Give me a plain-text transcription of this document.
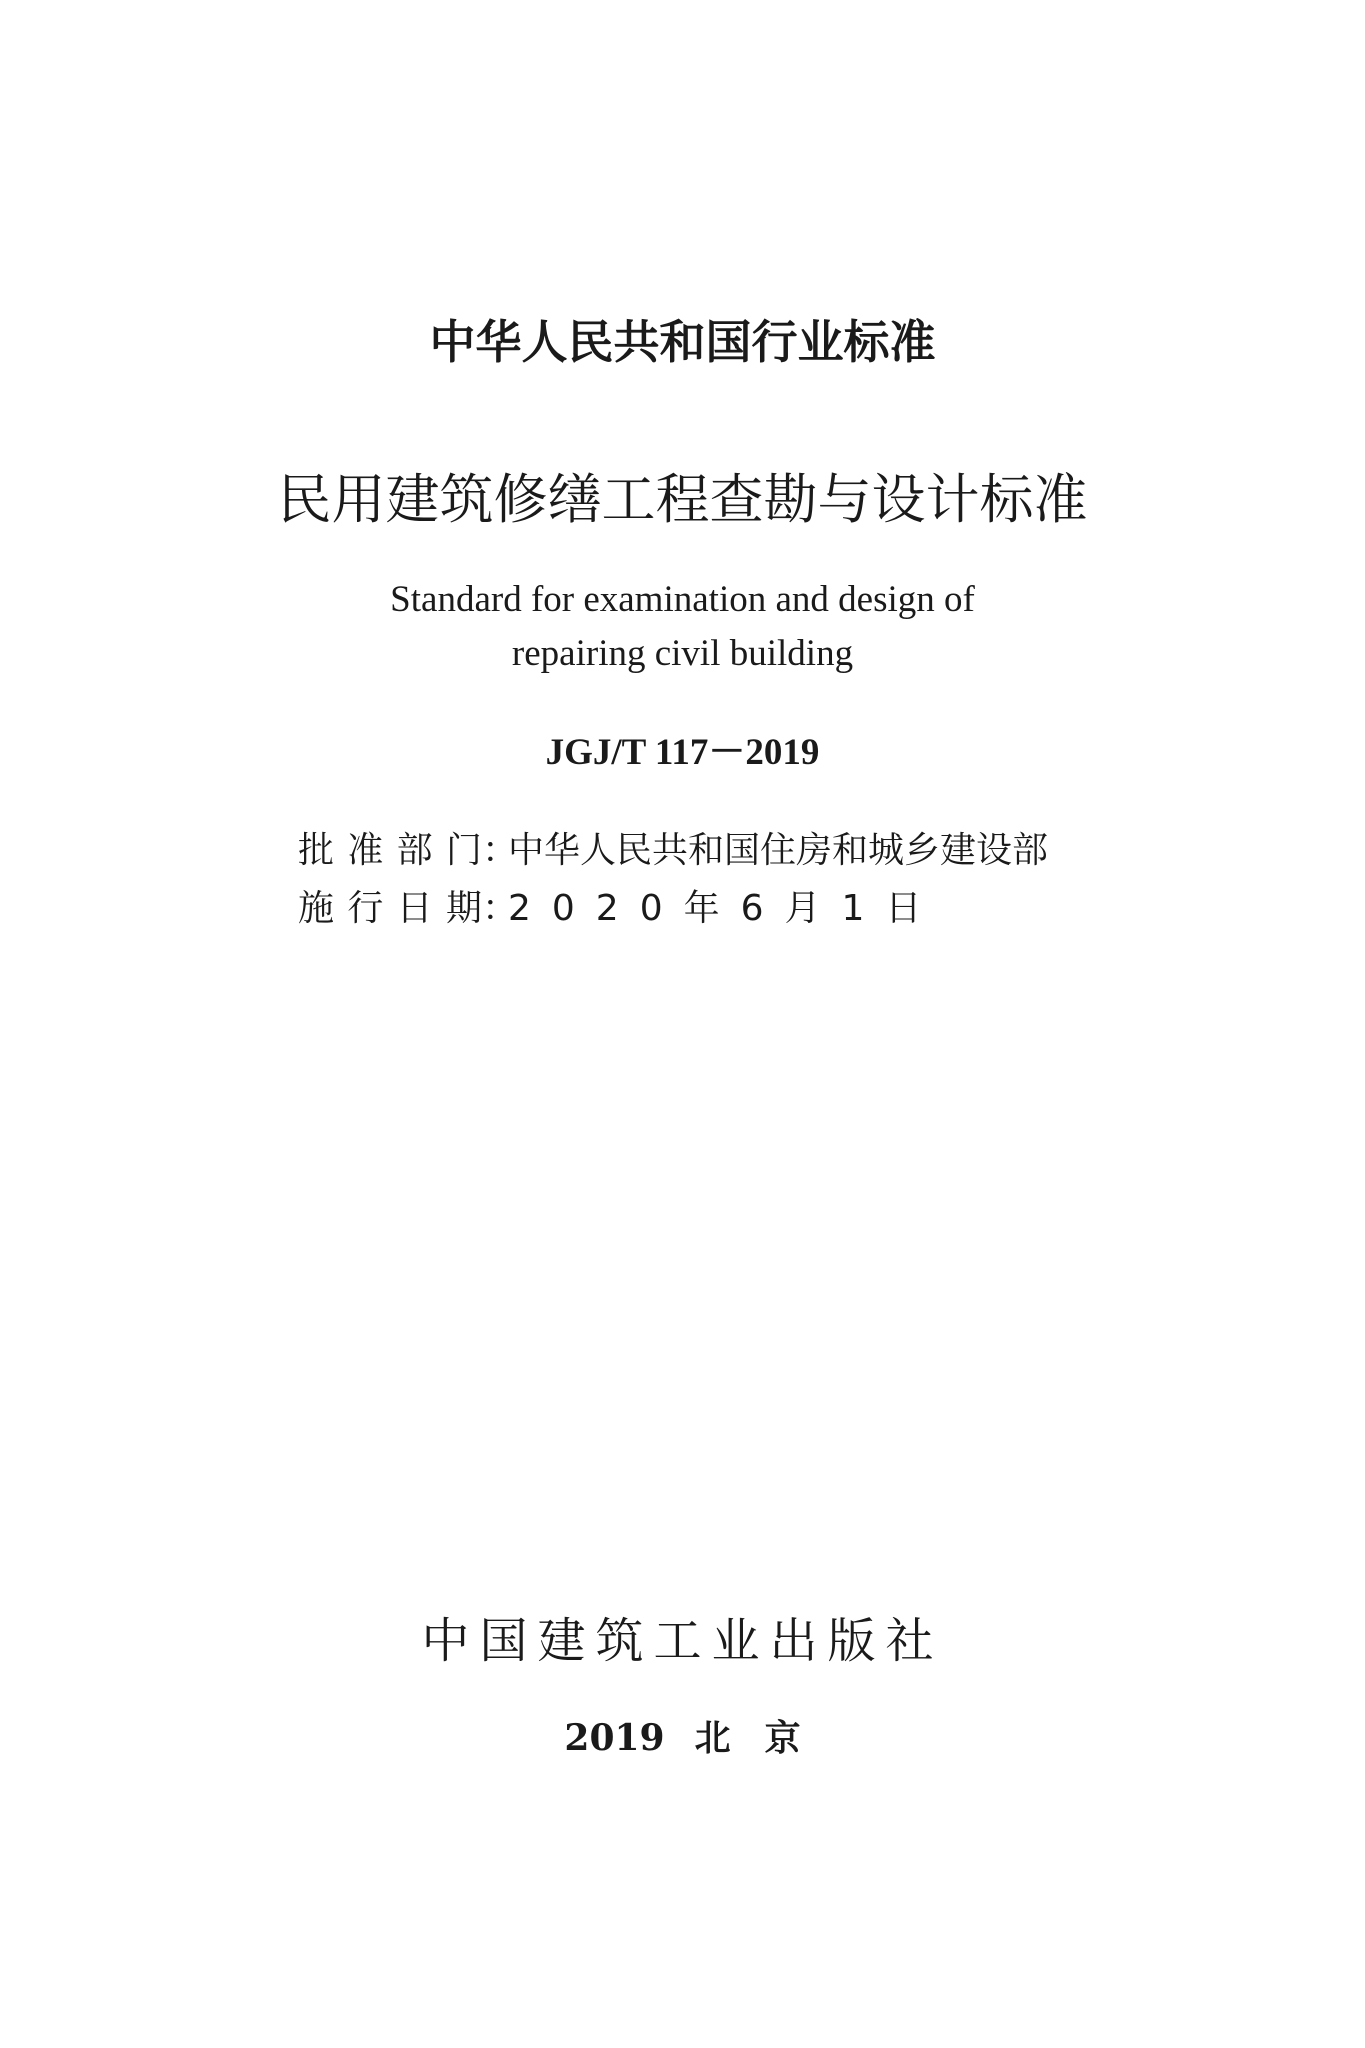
中华人民共和国行业标准
民用建筑修缮工程查勘与设计标准
Standard for examination and design of
repairing civil building
JGJ/T 117－2019
批准部门 ：
中华人民共和国住房和城乡建设部
施行日期 ：
2020年6月1日
中国建筑工业出版社
2019 北京
